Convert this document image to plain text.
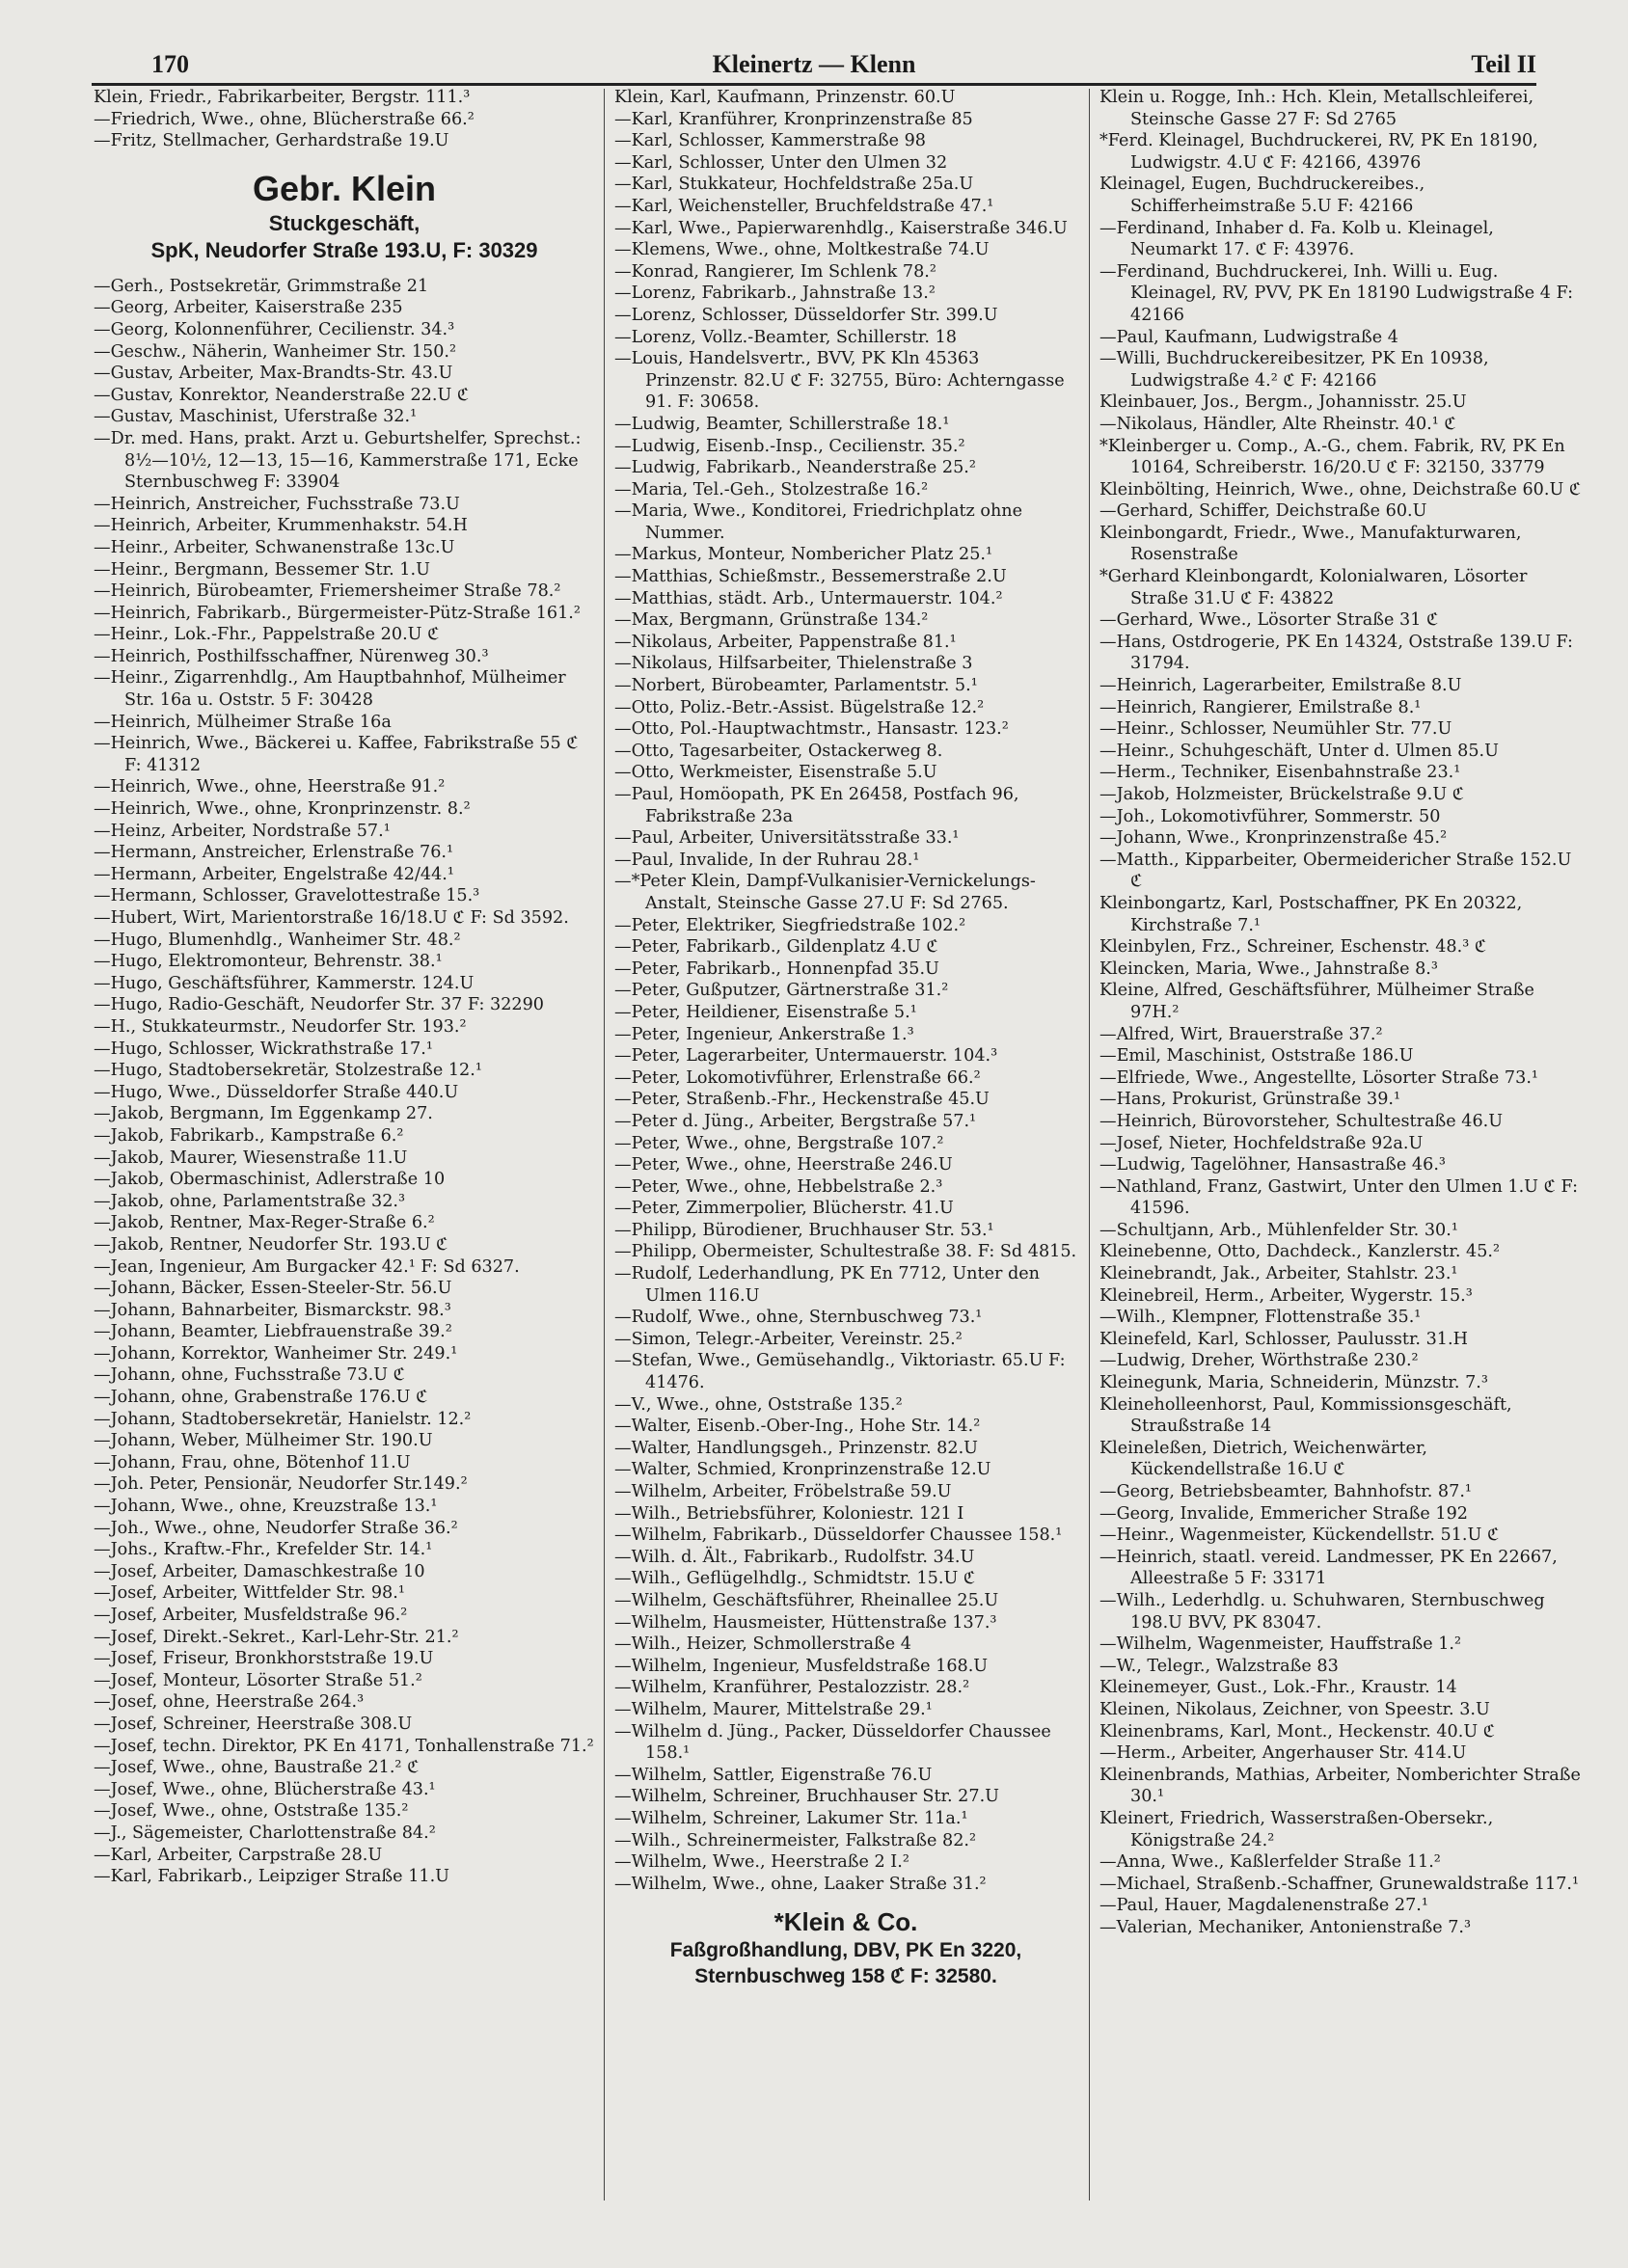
170	Kleinertz — Klenn	Teil II
Klein, Friedr., Fabrikarbeiter, Bergstr. 111.³
—Friedrich, Wwe., ohne, Blücherstraße 66.²
—Fritz, Stellmacher, Gerhardstraße 19.U
Gebr. Klein
Stuckgeschäft,
SpK, Neudorfer Straße 193.U, F: 30329
—Gerh., Postsekretär, Grimmstraße 21
—Georg, Arbeiter, Kaiserstraße 235
—Georg, Kolonnenführer, Cecilienstr. 34.³
—Geschw., Näherin, Wanheimer Str. 150.²
—Gustav, Arbeiter, Max-Brandts-Str. 43.U
—Gustav, Konrektor, Neanderstraße 22.U ℭ
—Gustav, Maschinist, Uferstraße 32.¹
—Dr. med. Hans, prakt. Arzt u. Geburtshelfer, Sprechst.: 8½—10½, 12—13, 15—16, Kammerstraße 171, Ecke Sternbuschweg F: 33904
—Heinrich, Anstreicher, Fuchsstraße 73.U
—Heinrich, Arbeiter, Krummenhakstr. 54.H
—Heinr., Arbeiter, Schwanenstraße 13c.U
—Heinr., Bergmann, Bessemer Str. 1.U
—Heinrich, Bürobeamter, Friemersheimer Straße 78.²
—Heinrich, Fabrikarb., Bürgermeister-Pütz-Straße 161.²
—Heinr., Lok.-Fhr., Pappelstraße 20.U ℭ
—Heinrich, Posthilfsschaffner, Nürenweg 30.³
—Heinr., Zigarrenhdlg., Am Hauptbahnhof, Mülheimer Str. 16a u. Oststr. 5 F: 30428
—Heinrich, Mülheimer Straße 16a
—Heinrich, Wwe., Bäckerei u. Kaffee, Fabrikstraße 55 ℭ F: 41312
—Heinrich, Wwe., ohne, Heerstraße 91.²
—Heinrich, Wwe., ohne, Kronprinzenstr. 8.²
—Heinz, Arbeiter, Nordstraße 57.¹
—Hermann, Anstreicher, Erlenstraße 76.¹
—Hermann, Arbeiter, Engelstraße 42/44.¹
—Hermann, Schlosser, Gravelottestraße 15.³
—Hubert, Wirt, Marientorstraße 16/18.U ℭ F: Sd 3592.
—Hugo, Blumenhdlg., Wanheimer Str. 48.²
—Hugo, Elektromonteur, Behrenstr. 38.¹
—Hugo, Geschäftsführer, Kammerstr. 124.U
—Hugo, Radio-Geschäft, Neudorfer Str. 37 F: 32290
—H., Stukkateurmstr., Neudorfer Str. 193.²
—Hugo, Schlosser, Wickrathstraße 17.¹
—Hugo, Stadtobersekretär, Stolzestraße 12.¹
—Hugo, Wwe., Düsseldorfer Straße 440.U
—Jakob, Bergmann, Im Eggenkamp 27.
—Jakob, Fabrikarb., Kampstraße 6.²
—Jakob, Maurer, Wiesenstraße 11.U
—Jakob, Obermaschinist, Adlerstraße 10
—Jakob, ohne, Parlamentstraße 32.³
—Jakob, Rentner, Max-Reger-Straße 6.²
—Jakob, Rentner, Neudorfer Str. 193.U ℭ
—Jean, Ingenieur, Am Burgacker 42.¹ F: Sd 6327.
—Johann, Bäcker, Essen-Steeler-Str. 56.U
—Johann, Bahnarbeiter, Bismarckstr. 98.³
—Johann, Beamter, Liebfrauenstraße 39.²
—Johann, Korrektor, Wanheimer Str. 249.¹
—Johann, ohne, Fuchsstraße 73.U ℭ
—Johann, ohne, Grabenstraße 176.U ℭ
—Johann, Stadtobersekretär, Hanielstr. 12.²
—Johann, Weber, Mülheimer Str. 190.U
—Johann, Frau, ohne, Bötenhof 11.U
—Joh. Peter, Pensionär, Neudorfer Str.149.²
—Johann, Wwe., ohne, Kreuzstraße 13.¹
—Joh., Wwe., ohne, Neudorfer Straße 36.²
—Johs., Kraftw.-Fhr., Krefelder Str. 14.¹
—Josef, Arbeiter, Damaschkestraße 10
—Josef, Arbeiter, Wittfelder Str. 98.¹
—Josef, Arbeiter, Musfeldstraße 96.²
—Josef, Direkt.-Sekret., Karl-Lehr-Str. 21.²
—Josef, Friseur, Bronkhorststraße 19.U
—Josef, Monteur, Lösorter Straße 51.²
—Josef, ohne, Heerstraße 264.³
—Josef, Schreiner, Heerstraße 308.U
—Josef, techn. Direktor, PK En 4171, Tonhallenstraße 71.²
—Josef, Wwe., ohne, Baustraße 21.² ℭ
—Josef, Wwe., ohne, Blücherstraße 43.¹
—Josef, Wwe., ohne, Oststraße 135.²
—J., Sägemeister, Charlottenstraße 84.²
—Karl, Arbeiter, Carpstraße 28.U
—Karl, Fabrikarb., Leipziger Straße 11.U
Klein, Karl, Kaufmann, Prinzenstr. 60.U
—Karl, Kranführer, Kronprinzenstraße 85
—Karl, Schlosser, Kammerstraße 98
—Karl, Schlosser, Unter den Ulmen 32
—Karl, Stukkateur, Hochfeldstraße 25a.U
—Karl, Weichensteller, Bruchfeldstraße 47.¹
—Karl, Wwe., Papierwarenhdlg., Kaiserstraße 346.U
—Klemens, Wwe., ohne, Moltkestraße 74.U
—Konrad, Rangierer, Im Schlenk 78.²
—Lorenz, Fabrikarb., Jahnstraße 13.²
—Lorenz, Schlosser, Düsseldorfer Str. 399.U
—Lorenz, Vollz.-Beamter, Schillerstr. 18
—Louis, Handelsvertr., BVV, PK Kln 45363 Prinzenstr. 82.U ℭ F: 32755, Büro: Achterngasse 91. F: 30658.
—Ludwig, Beamter, Schillerstraße 18.¹
—Ludwig, Eisenb.-Insp., Cecilienstr. 35.²
—Ludwig, Fabrikarb., Neanderstraße 25.²
—Maria, Tel.-Geh., Stolzestraße 16.²
—Maria, Wwe., Konditorei, Friedrichplatz ohne Nummer.
—Markus, Monteur, Nombericher Platz 25.¹
—Matthias, Schießmstr., Bessemerstraße 2.U
—Matthias, städt. Arb., Untermauerstr. 104.²
—Max, Bergmann, Grünstraße 134.²
—Nikolaus, Arbeiter, Pappenstraße 81.¹
—Nikolaus, Hilfsarbeiter, Thielenstraße 3
—Norbert, Bürobeamter, Parlamentstr. 5.¹
—Otto, Poliz.-Betr.-Assist. Bügelstraße 12.²
—Otto, Pol.-Hauptwachtmstr., Hansastr. 123.²
—Otto, Tagesarbeiter, Ostackerweg 8.
—Otto, Werkmeister, Eisenstraße 5.U
—Paul, Homöopath, PK En 26458, Postfach 96, Fabrikstraße 23a
—Paul, Arbeiter, Universitätsstraße 33.¹
—Paul, Invalide, In der Ruhrau 28.¹
—*Peter Klein, Dampf-Vulkanisier-Vernickelungs-Anstalt, Steinsche Gasse 27.U F: Sd 2765.
—Peter, Elektriker, Siegfriedstraße 102.²
—Peter, Fabrikarb., Gildenplatz 4.U ℭ
—Peter, Fabrikarb., Honnenpfad 35.U
—Peter, Gußputzer, Gärtnerstraße 31.²
—Peter, Heildiener, Eisenstraße 5.¹
—Peter, Ingenieur, Ankerstraße 1.³
—Peter, Lagerarbeiter, Untermauerstr. 104.³
—Peter, Lokomotivführer, Erlenstraße 66.²
—Peter, Straßenb.-Fhr., Heckenstraße 45.U
—Peter d. Jüng., Arbeiter, Bergstraße 57.¹
—Peter, Wwe., ohne, Bergstraße 107.²
—Peter, Wwe., ohne, Heerstraße 246.U
—Peter, Wwe., ohne, Hebbelstraße 2.³
—Peter, Zimmerpolier, Blücherstr. 41.U
—Philipp, Bürodiener, Bruchhauser Str. 53.¹
—Philipp, Obermeister, Schultestraße 38. F: Sd 4815.
—Rudolf, Lederhandlung, PK En 7712, Unter den Ulmen 116.U
—Rudolf, Wwe., ohne, Sternbuschweg 73.¹
—Simon, Telegr.-Arbeiter, Vereinstr. 25.²
—Stefan, Wwe., Gemüsehandlg., Viktoriastr. 65.U F: 41476.
—V., Wwe., ohne, Oststraße 135.²
—Walter, Eisenb.-Ober-Ing., Hohe Str. 14.²
—Walter, Handlungsgeh., Prinzenstr. 82.U
—Walter, Schmied, Kronprinzenstraße 12.U
—Wilhelm, Arbeiter, Fröbelstraße 59.U
—Wilh., Betriebsführer, Koloniestr. 121 I
—Wilhelm, Fabrikarb., Düsseldorfer Chaussee 158.¹
—Wilh. d. Ält., Fabrikarb., Rudolfstr. 34.U
—Wilh., Geflügelhdlg., Schmidtstr. 15.U ℭ
—Wilhelm, Geschäftsführer, Rheinallee 25.U
—Wilhelm, Hausmeister, Hüttenstraße 137.³
—Wilh., Heizer, Schmollerstraße 4
—Wilhelm, Ingenieur, Musfeldstraße 168.U
—Wilhelm, Kranführer, Pestalozzistr. 28.²
—Wilhelm, Maurer, Mittelstraße 29.¹
—Wilhelm d. Jüng., Packer, Düsseldorfer Chaussee 158.¹
—Wilhelm, Sattler, Eigenstraße 76.U
—Wilhelm, Schreiner, Bruchhauser Str. 27.U
—Wilhelm, Schreiner, Lakumer Str. 11a.¹
—Wilh., Schreinermeister, Falkstraße 82.²
—Wilhelm, Wwe., Heerstraße 2 I.²
—Wilhelm, Wwe., ohne, Laaker Straße 31.²
*Klein & Co.
Faßgroßhandlung, DBV, PK En 3220,
Sternbuschweg 158 ℭ F: 32580.
Klein u. Rogge, Inh.: Hch. Klein, Metallschleiferei, Steinsche Gasse 27 F: Sd 2765
*Ferd. Kleinagel, Buchdruckerei, RV, PK En 18190, Ludwigstr. 4.U ℭ F: 42166, 43976
Kleinagel, Eugen, Buchdruckereibes., Schifferheimstraße 5.U F: 42166
—Ferdinand, Inhaber d. Fa. Kolb u. Kleinagel, Neumarkt 17. ℭ F: 43976.
—Ferdinand, Buchdruckerei, Inh. Willi u. Eug. Kleinagel, RV, PVV, PK En 18190 Ludwigstraße 4 F: 42166
—Paul, Kaufmann, Ludwigstraße 4
—Willi, Buchdruckereibesitzer, PK En 10938, Ludwigstraße 4.² ℭ F: 42166
Kleinbauer, Jos., Bergm., Johannisstr. 25.U
—Nikolaus, Händler, Alte Rheinstr. 40.¹ ℭ
*Kleinberger u. Comp., A.-G., chem. Fabrik, RV, PK En 10164, Schreiberstr. 16/20.U ℭ F: 32150, 33779
Kleinbölting, Heinrich, Wwe., ohne, Deichstraße 60.U ℭ
—Gerhard, Schiffer, Deichstraße 60.U
Kleinbongardt, Friedr., Wwe., Manufakturwaren, Rosenstraße
*Gerhard Kleinbongardt, Kolonialwaren, Lösorter Straße 31.U ℭ F: 43822
—Gerhard, Wwe., Lösorter Straße 31 ℭ
—Hans, Ostdrogerie, PK En 14324, Oststraße 139.U F: 31794.
—Heinrich, Lagerarbeiter, Emilstraße 8.U
—Heinrich, Rangierer, Emilstraße 8.¹
—Heinr., Schlosser, Neumühler Str. 77.U
—Heinr., Schuhgeschäft, Unter d. Ulmen 85.U
—Herm., Techniker, Eisenbahnstraße 23.¹
—Jakob, Holzmeister, Brückelstraße 9.U ℭ
—Joh., Lokomotivführer, Sommerstr. 50
—Johann, Wwe., Kronprinzenstraße 45.²
—Matth., Kipparbeiter, Obermeidericher Straße 152.U ℭ
Kleinbongartz, Karl, Postschaffner, PK En 20322, Kirchstraße 7.¹
Kleinbylen, Frz., Schreiner, Eschenstr. 48.³ ℭ
Kleincken, Maria, Wwe., Jahnstraße 8.³
Kleine, Alfred, Geschäftsführer, Mülheimer Straße 97H.²
—Alfred, Wirt, Brauerstraße 37.²
—Emil, Maschinist, Oststraße 186.U
—Elfriede, Wwe., Angestellte, Lösorter Straße 73.¹
—Hans, Prokurist, Grünstraße 39.¹
—Heinrich, Bürovorsteher, Schultestraße 46.U
—Josef, Nieter, Hochfeldstraße 92a.U
—Ludwig, Tagelöhner, Hansastraße 46.³
—Nathland, Franz, Gastwirt, Unter den Ulmen 1.U ℭ F: 41596.
—Schultjann, Arb., Mühlenfelder Str. 30.¹
Kleinebenne, Otto, Dachdeck., Kanzlerstr. 45.²
Kleinebrandt, Jak., Arbeiter, Stahlstr. 23.¹
Kleinebreil, Herm., Arbeiter, Wygerstr. 15.³
—Wilh., Klempner, Flottenstraße 35.¹
Kleinefeld, Karl, Schlosser, Paulusstr. 31.H
—Ludwig, Dreher, Wörthstraße 230.²
Kleinegunk, Maria, Schneiderin, Münzstr. 7.³
Kleineholleenhorst, Paul, Kommissionsgeschäft, Straußstraße 14
Kleineleßen, Dietrich, Weichenwärter, Kückendellstraße 16.U ℭ
—Georg, Betriebsbeamter, Bahnhofstr. 87.¹
—Georg, Invalide, Emmericher Straße 192
—Heinr., Wagenmeister, Kückendellstr. 51.U ℭ
—Heinrich, staatl. vereid. Landmesser, PK En 22667, Alleestraße 5 F: 33171
—Wilh., Lederhdlg. u. Schuhwaren, Sternbuschweg 198.U BVV, PK 83047.
—Wilhelm, Wagenmeister, Hauffstraße 1.²
—W., Telegr., Walzstraße 83
Kleinemeyer, Gust., Lok.-Fhr., Kraustr. 14
Kleinen, Nikolaus, Zeichner, von Speestr. 3.U
Kleinenbrams, Karl, Mont., Heckenstr. 40.U ℭ
—Herm., Arbeiter, Angerhauser Str. 414.U
Kleinenbrands, Mathias, Arbeiter, Nomberichter Straße 30.¹
Kleinert, Friedrich, Wasserstraßen-Obersekr., Königstraße 24.²
—Anna, Wwe., Kaßlerfelder Straße 11.²
—Michael, Straßenb.-Schaffner, Grunewaldstraße 117.¹
—Paul, Hauer, Magdalenenstraße 27.¹
—Valerian, Mechaniker, Antonienstraße 7.³
